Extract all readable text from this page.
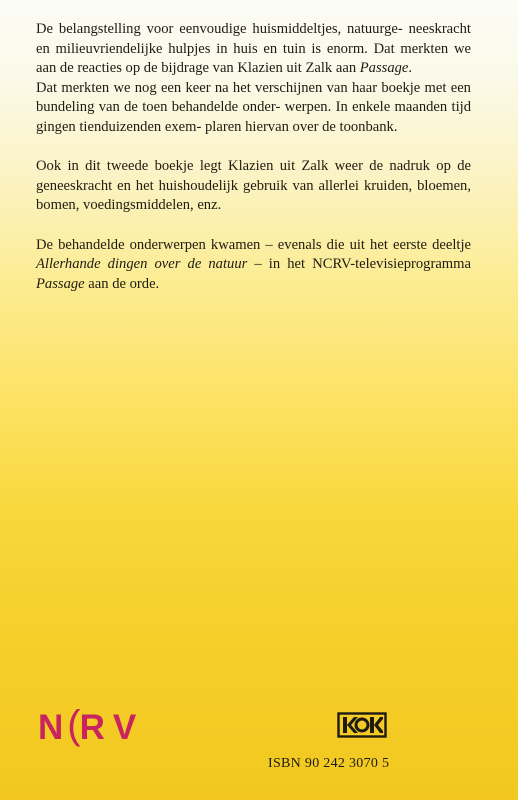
De belangstelling voor eenvoudige huismiddeltjes, natuurge- neeskracht en milieuvriendelijke hulpjes in huis en tuin is enorm. Dat merkten we aan de reacties op de bijdrage van Klazien uit Zalk aan Passage.

Dat merkten we nog een keer na het verschijnen van haar boekje met een bundeling van de toen behandelde onder- werpen. In enkele maanden tijd gingen tienduizenden exem- plaren hiervan over de toonbank.

Ook in dit tweede boekje legt Klazien uit Zalk weer de nadruk op de geneeskracht en het huishoudelijk gebruik van allerlei kruiden, bloemen, bomen, voedingsmiddelen, enz.

De behandelde onderwerpen kwamen – evenals die uit het eerste deeltje Allerhande dingen over de natuur – in het NCRV-televisieprogramma Passage aan de orde.

N (
R V
ISBN 90 242 3070 5
